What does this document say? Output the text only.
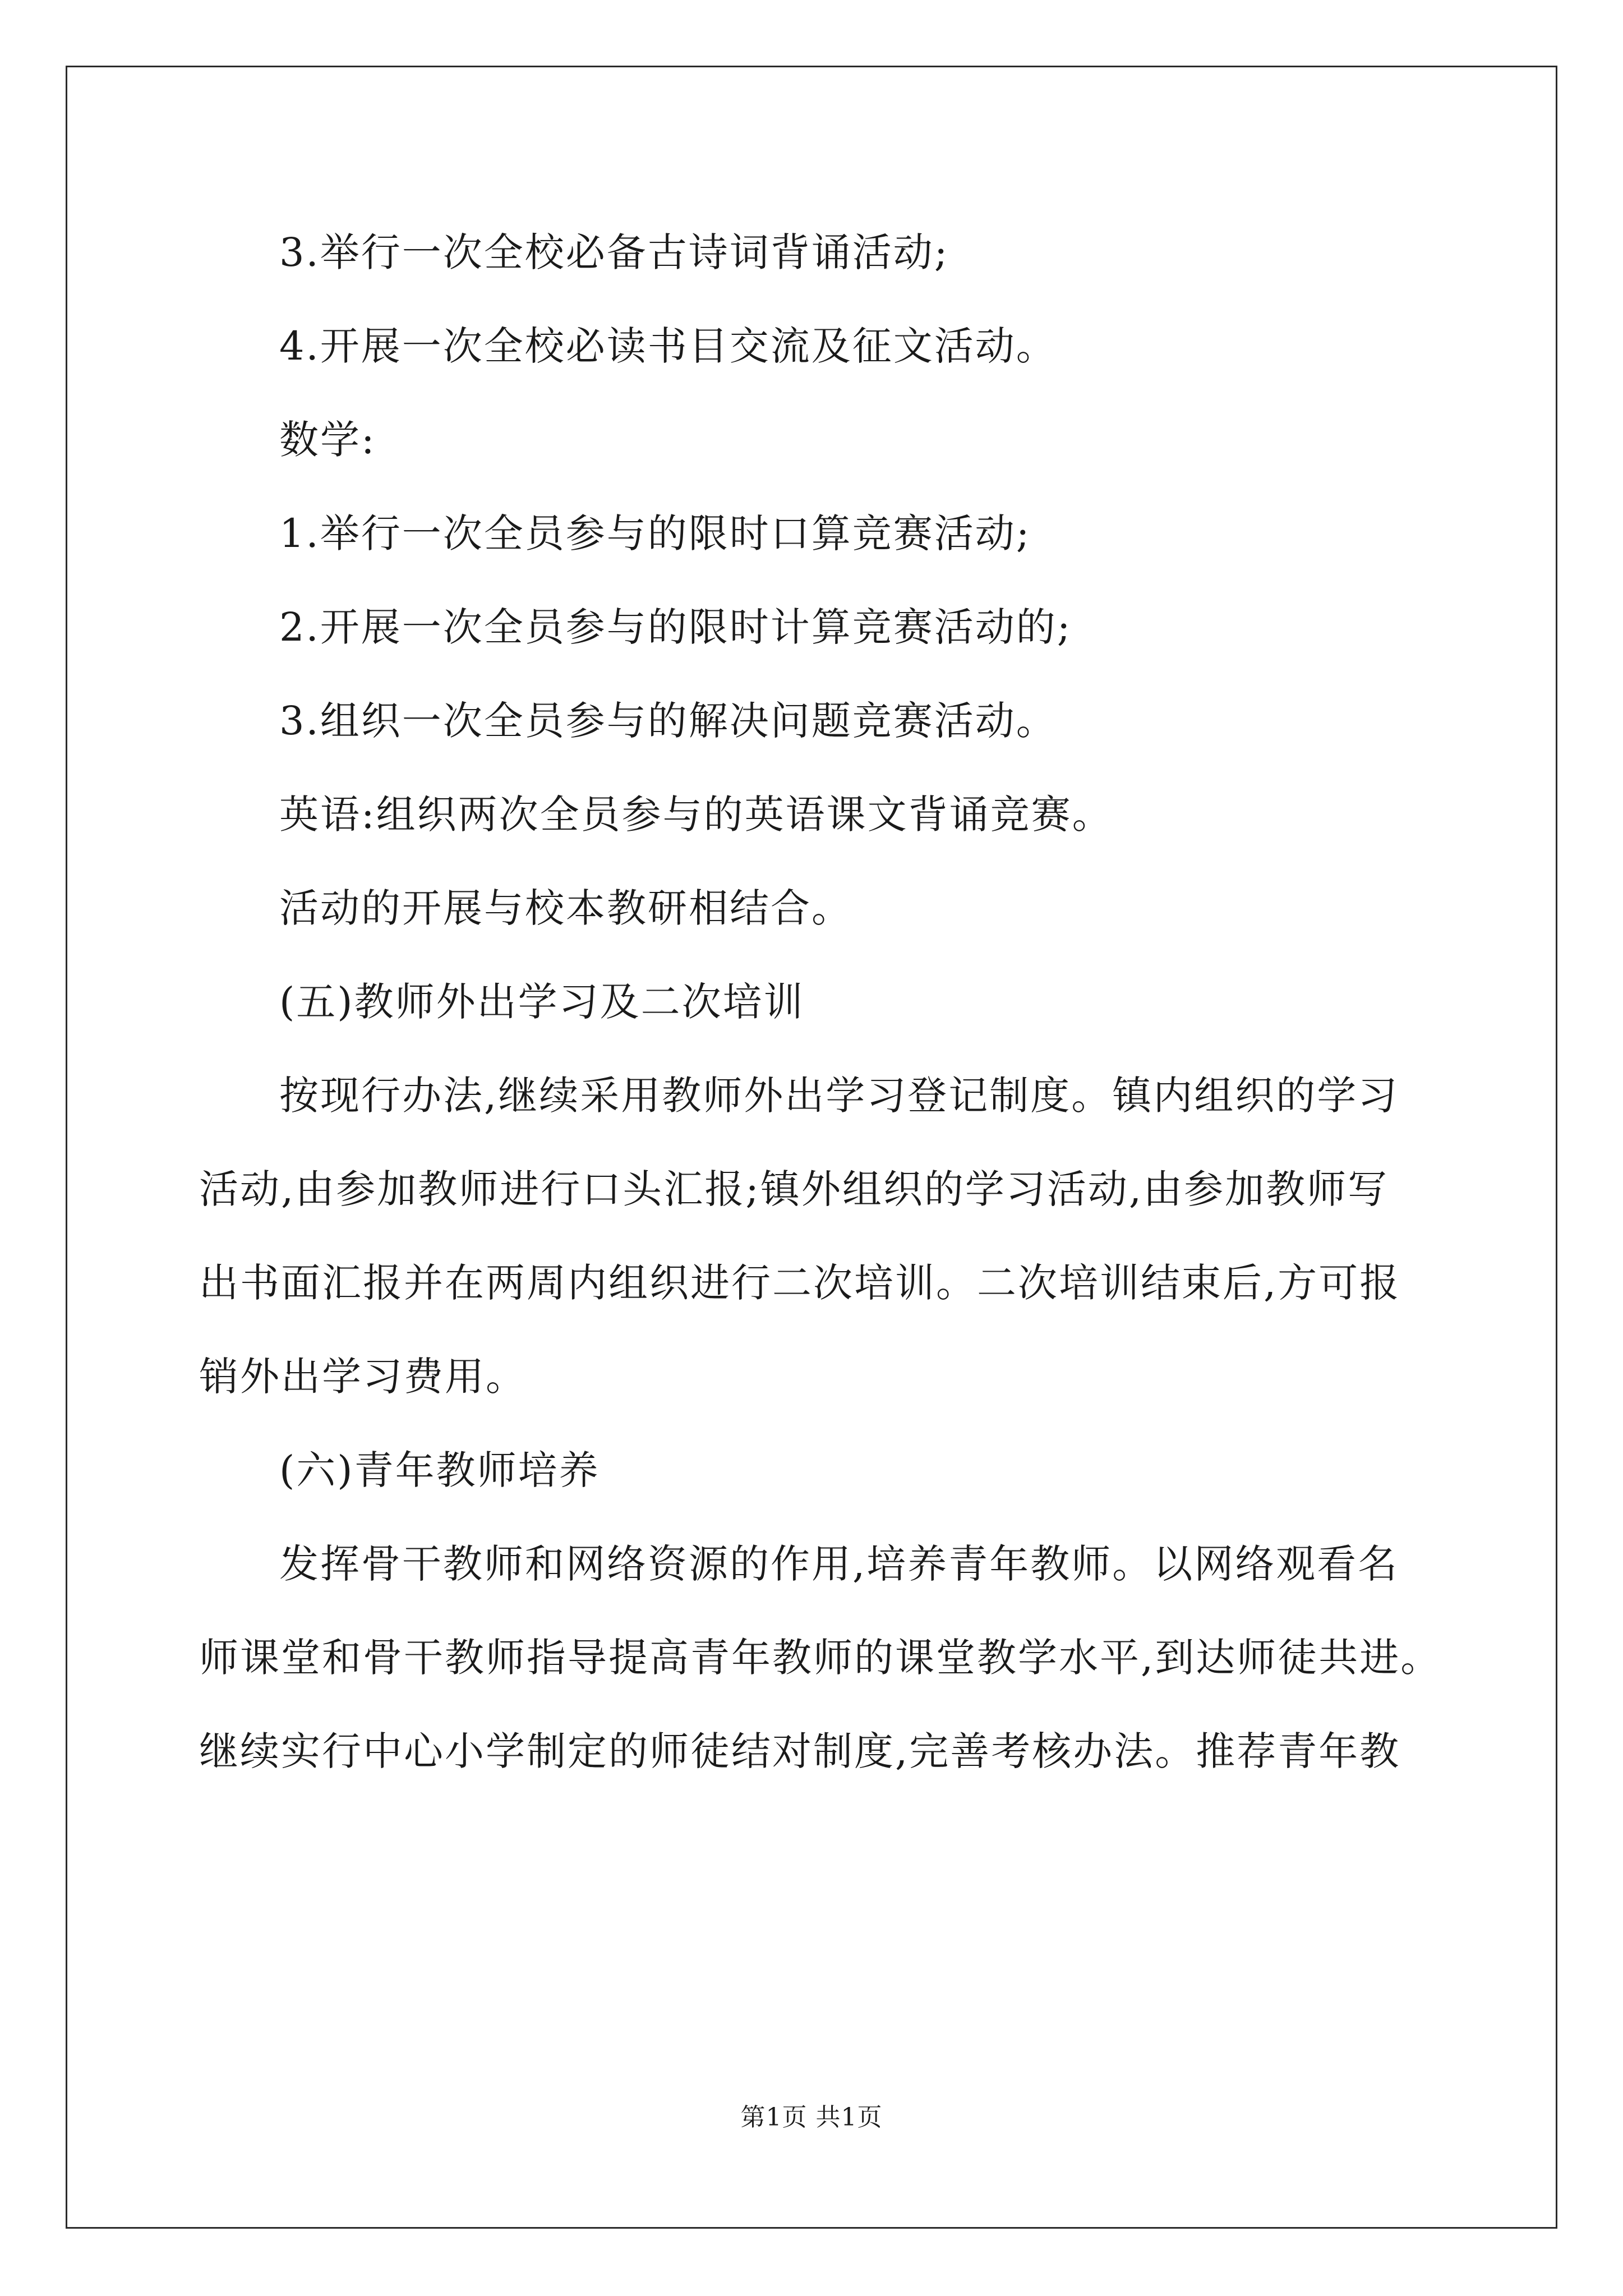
3.举行一次全校必备古诗词背诵活动;

4.开展一次全校必读书目交流及征文活动。

数学:

1.举行一次全员参与的限时口算竞赛活动;

2.开展一次全员参与的限时计算竞赛活动的;

3.组织一次全员参与的解决问题竞赛活动。

英语:组织两次全员参与的英语课文背诵竞赛。

活动的开展与校本教研相结合。

(五)教师外出学习及二次培训

按现行办法,继续采用教师外出学习登记制度。镇内组织的学习

活动,由参加教师进行口头汇报;镇外组织的学习活动,由参加教师写

出书面汇报并在两周内组织进行二次培训。二次培训结束后,方可报

销外出学习费用。

(六)青年教师培养

发挥骨干教师和网络资源的作用,培养青年教师。以网络观看名

师课堂和骨干教师指导提高青年教师的课堂教学水平,到达师徒共进。

继续实行中心小学制定的师徒结对制度,完善考核办法。推荐青年教

第1页 共1页
